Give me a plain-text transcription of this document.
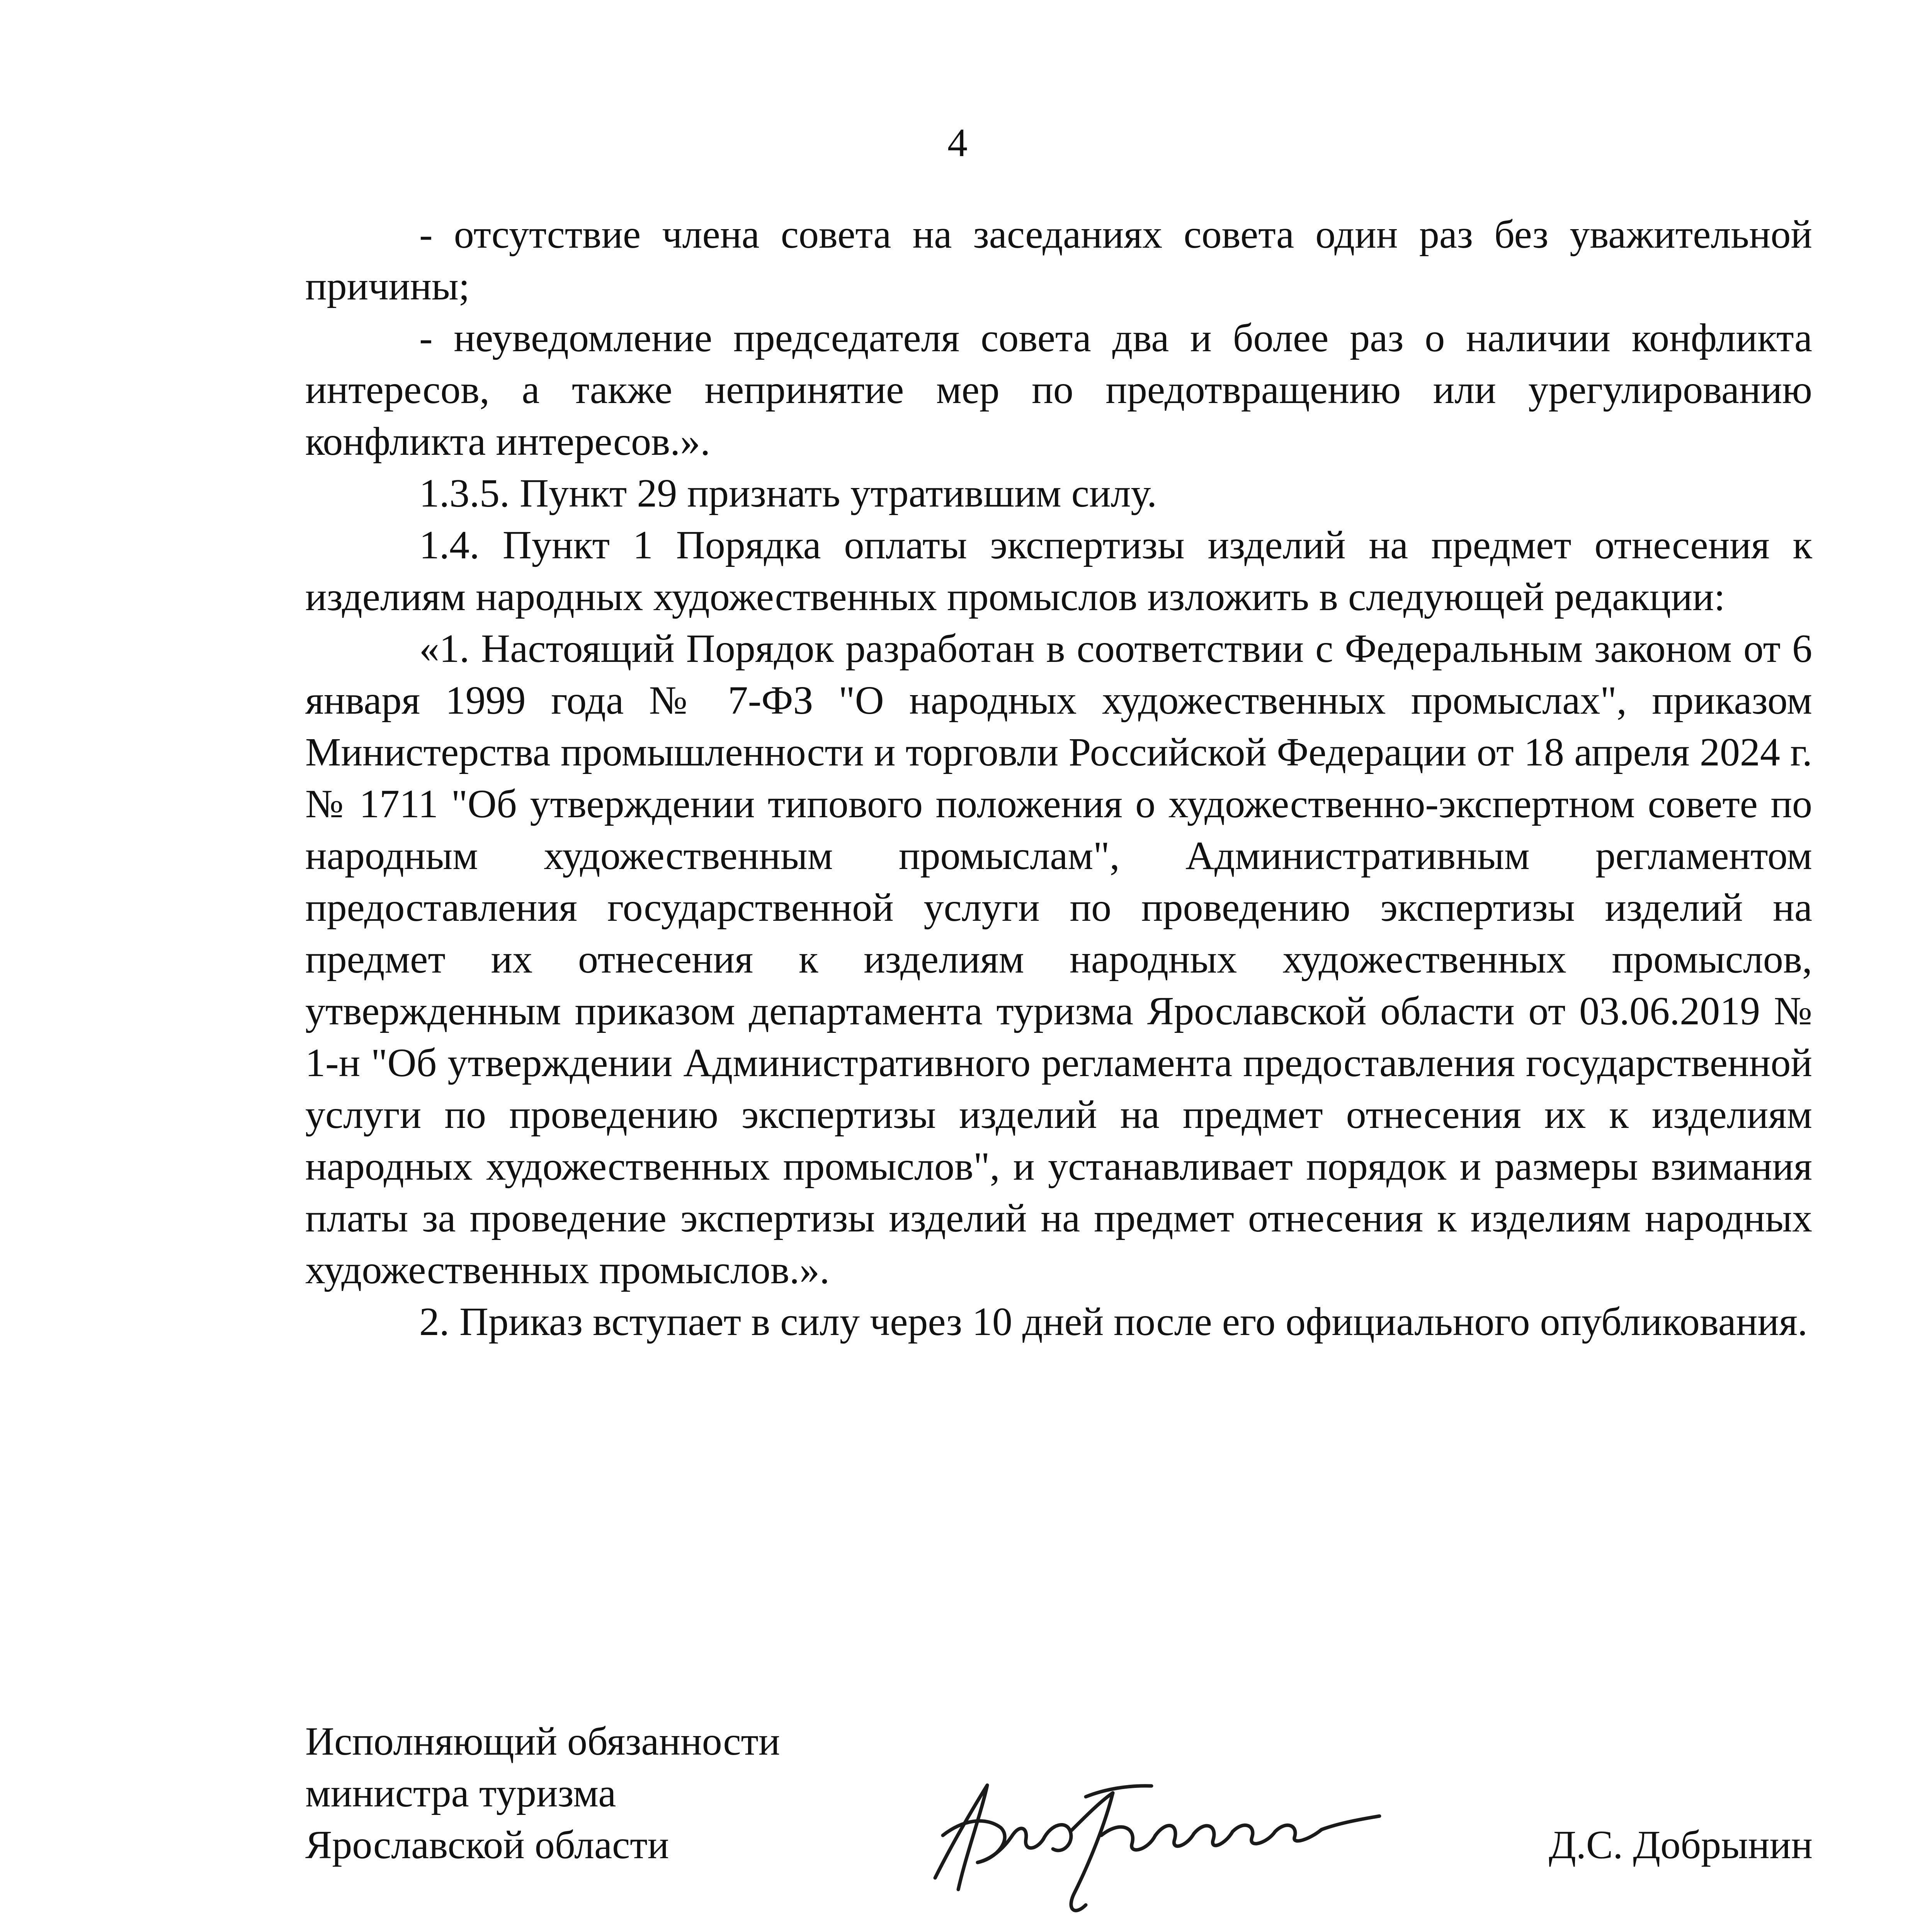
4

- отсутствие члена совета на заседаниях совета один раз без уважительной причины;

- неуведомление председателя совета два и более раз о наличии конфликта интересов, а также непринятие мер по предотвращению или урегулированию конфликта интересов.».

1.3.5. Пункт 29 признать утратившим силу.

1.4. Пункт 1 Порядка оплаты экспертизы изделий на предмет отнесения к изделиям народных художественных промыслов изложить в следующей редакции:

«1. Настоящий Порядок разработан в соответствии с Федеральным законом от 6 января 1999 года № 7-ФЗ "О народных художественных промыслах", приказом Министерства промышленности и торговли Российской Федерации от 18 апреля 2024 г. № 1711 "Об утверждении типового положения о художественно-экспертном совете по народным художественным промыслам", Административным регламентом предоставления государственной услуги по проведению экспертизы изделий на предмет их отнесения к изделиям народных художественных промыслов, утвержденным приказом департамента туризма Ярославской области от 03.06.2019 № 1-н "Об утверждении Административного регламента предоставления государственной услуги по проведению экспертизы изделий на предмет отнесения их к изделиям народных художественных промыслов", и устанавливает порядок и размеры взимания платы за проведение экспертизы изделий на предмет отнесения к изделиям народных художественных промыслов.».

2. Приказ вступает в силу через 10 дней после его официального опубликования.

Исполняющий обязанности
министра туризма
Ярославской области	Д.С. Добрынин
